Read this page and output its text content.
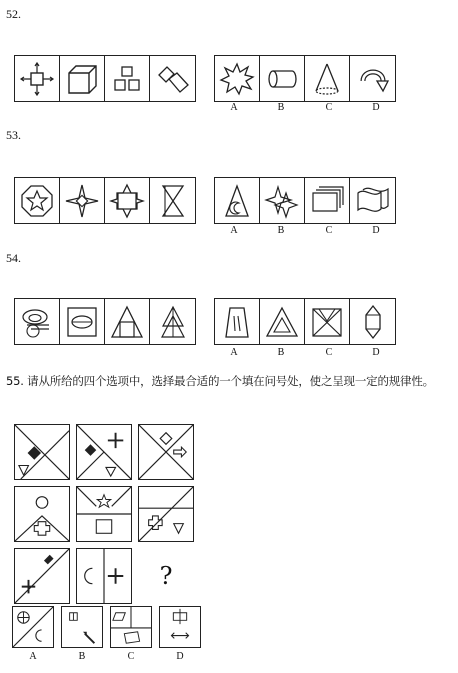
52.
A	B	C	D
53.
A	B	C	D
54.
A	B	C	D
55. 请从所给的四个选项中，选择最合适的一个填在问号处，使之呈现一定的规律性。
?
A	B	C	D
